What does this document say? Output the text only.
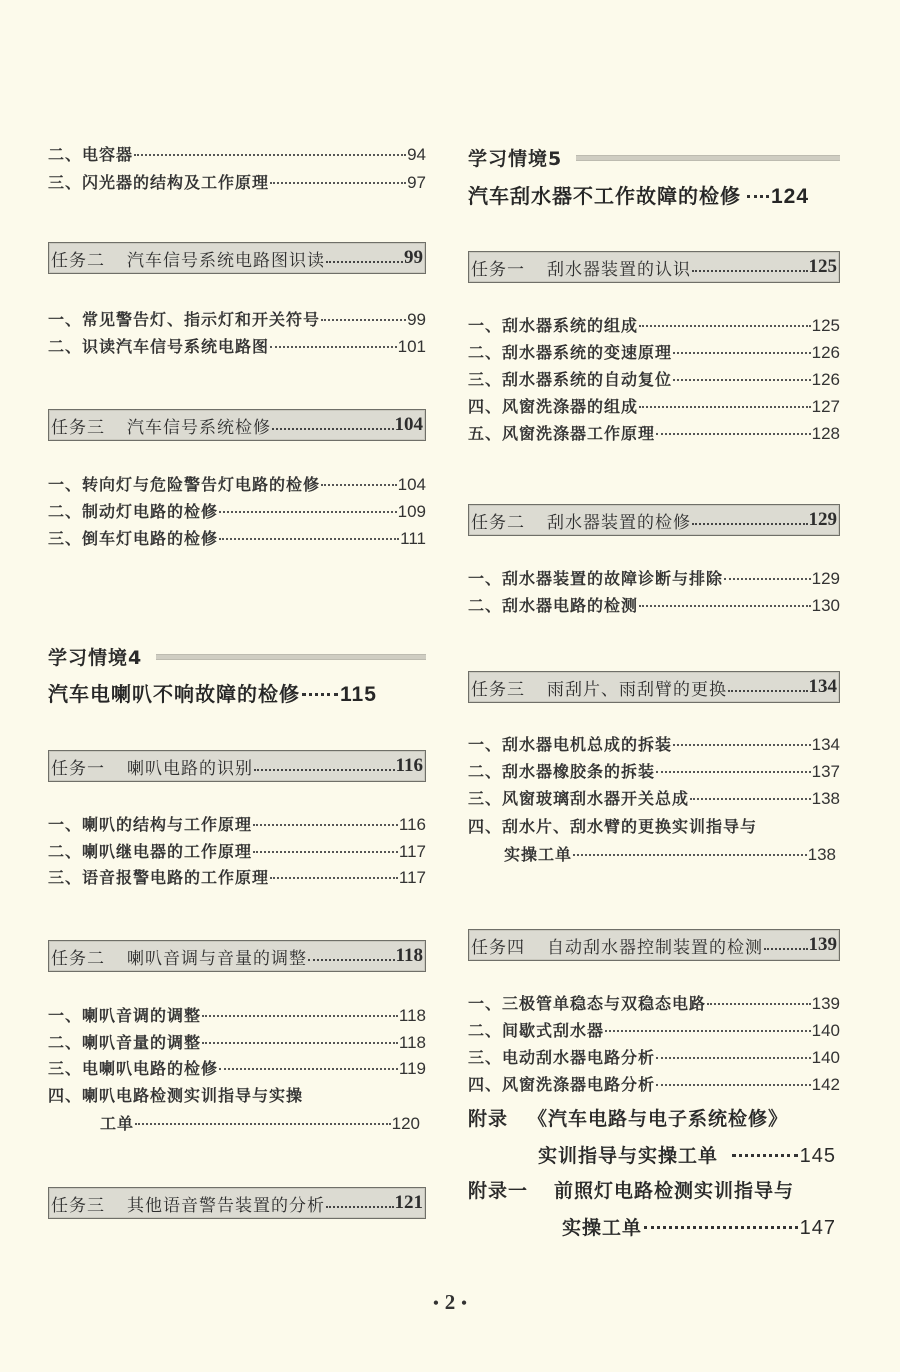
二、电容器	94
三、闪光器的结构及工作原理	97
任务二 汽车信号系统电路图识读	99
一、常见警告灯、指示灯和开关符号	99
二、识读汽车信号系统电路图	101
任务三 汽车信号系统检修	104
一、转向灯与危险警告灯电路的检修	104
二、制动灯电路的检修	109
三、倒车灯电路的检修	111
学习情境4
汽车电喇叭不响故障的检修 115
任务一 喇叭电路的识别	116
一、喇叭的结构与工作原理	116
二、喇叭继电器的工作原理	117
三、语音报警电路的工作原理	117
任务二 喇叭音调与音量的调整	118
一、喇叭音调的调整	118
二、喇叭音量的调整	118
三、电喇叭电路的检修	119
四、喇叭电路检测实训指导与实操
工单	120
任务三 其他语音警告装置的分析	121
学习情境5
汽车刮水器不工作故障的检修 124
任务一 刮水器装置的认识	125
一、刮水器系统的组成	125
二、刮水器系统的变速原理	126
三、刮水器系统的自动复位	126
四、风窗洗涤器的组成	127
五、风窗洗涤器工作原理	128
任务二 刮水器装置的检修	129
一、刮水器装置的故障诊断与排除	129
二、刮水器电路的检测	130
任务三 雨刮片、雨刮臂的更换	134
一、刮水器电机总成的拆装	134
二、刮水器橡胶条的拆装	137
三、风窗玻璃刮水器开关总成	138
四、刮水片、刮水臂的更换实训指导与
实操工单	138
任务四 自动刮水器控制装置的检测 139
一、三极管单稳态与双稳态电路	139
二、间歇式刮水器	140
三、电动刮水器电路分析	140
四、风窗洗涤器电路分析	142
附录 《汽车电路与电子系统检修》
实训指导与实操工单	145
附录一 前照灯电路检测实训指导与
实操工单	147
• 2 •
